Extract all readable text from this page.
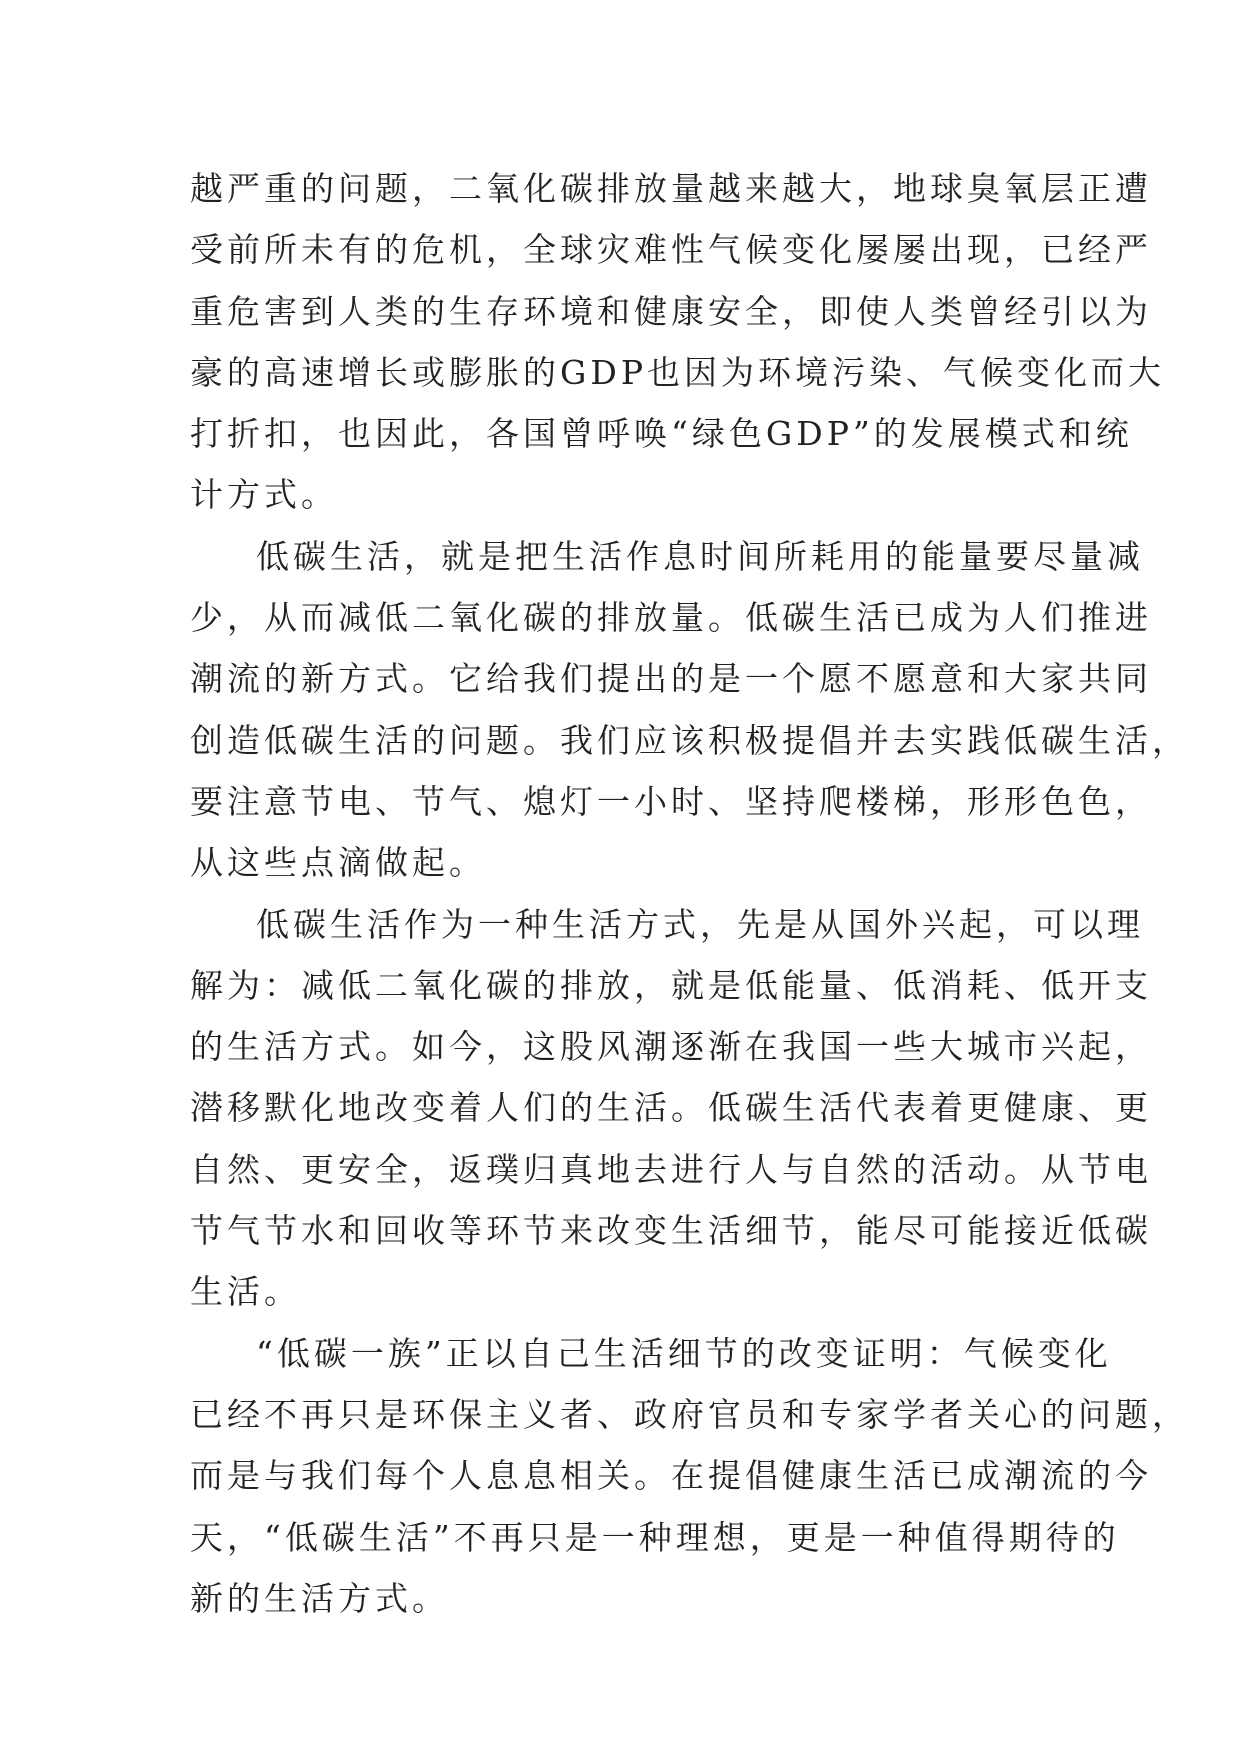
越严重的问题，二氧化碳排放量越来越大，地球臭氧层正遭
受前所未有的危机，全球灾难性气候变化屡屡出现，已经严
重危害到人类的生存环境和健康安全，即使人类曾经引以为
豪的高速增长或膨胀的GDP也因为环境污染、气候变化而大
打折扣，也因此，各国曾呼唤“绿色GDP”的发展模式和统
计方式。
低碳生活，就是把生活作息时间所耗用的能量要尽量减
少，从而减低二氧化碳的排放量。低碳生活已成为人们推进
潮流的新方式。它给我们提出的是一个愿不愿意和大家共同
创造低碳生活的问题。我们应该积极提倡并去实践低碳生活，
要注意节电、节气、熄灯一小时、坚持爬楼梯，形形色色，
从这些点滴做起。
低碳生活作为一种生活方式，先是从国外兴起，可以理
解为：减低二氧化碳的排放，就是低能量、低消耗、低开支
的生活方式。如今，这股风潮逐渐在我国一些大城市兴起，
潜移默化地改变着人们的生活。低碳生活代表着更健康、更
自然、更安全，返璞归真地去进行人与自然的活动。从节电
节气节水和回收等环节来改变生活细节，能尽可能接近低碳
生活。
“低碳一族”正以自己生活细节的改变证明：气候变化
已经不再只是环保主义者、政府官员和专家学者关心的问题，
而是与我们每个人息息相关。在提倡健康生活已成潮流的今
天，“低碳生活”不再只是一种理想，更是一种值得期待的
新的生活方式。
